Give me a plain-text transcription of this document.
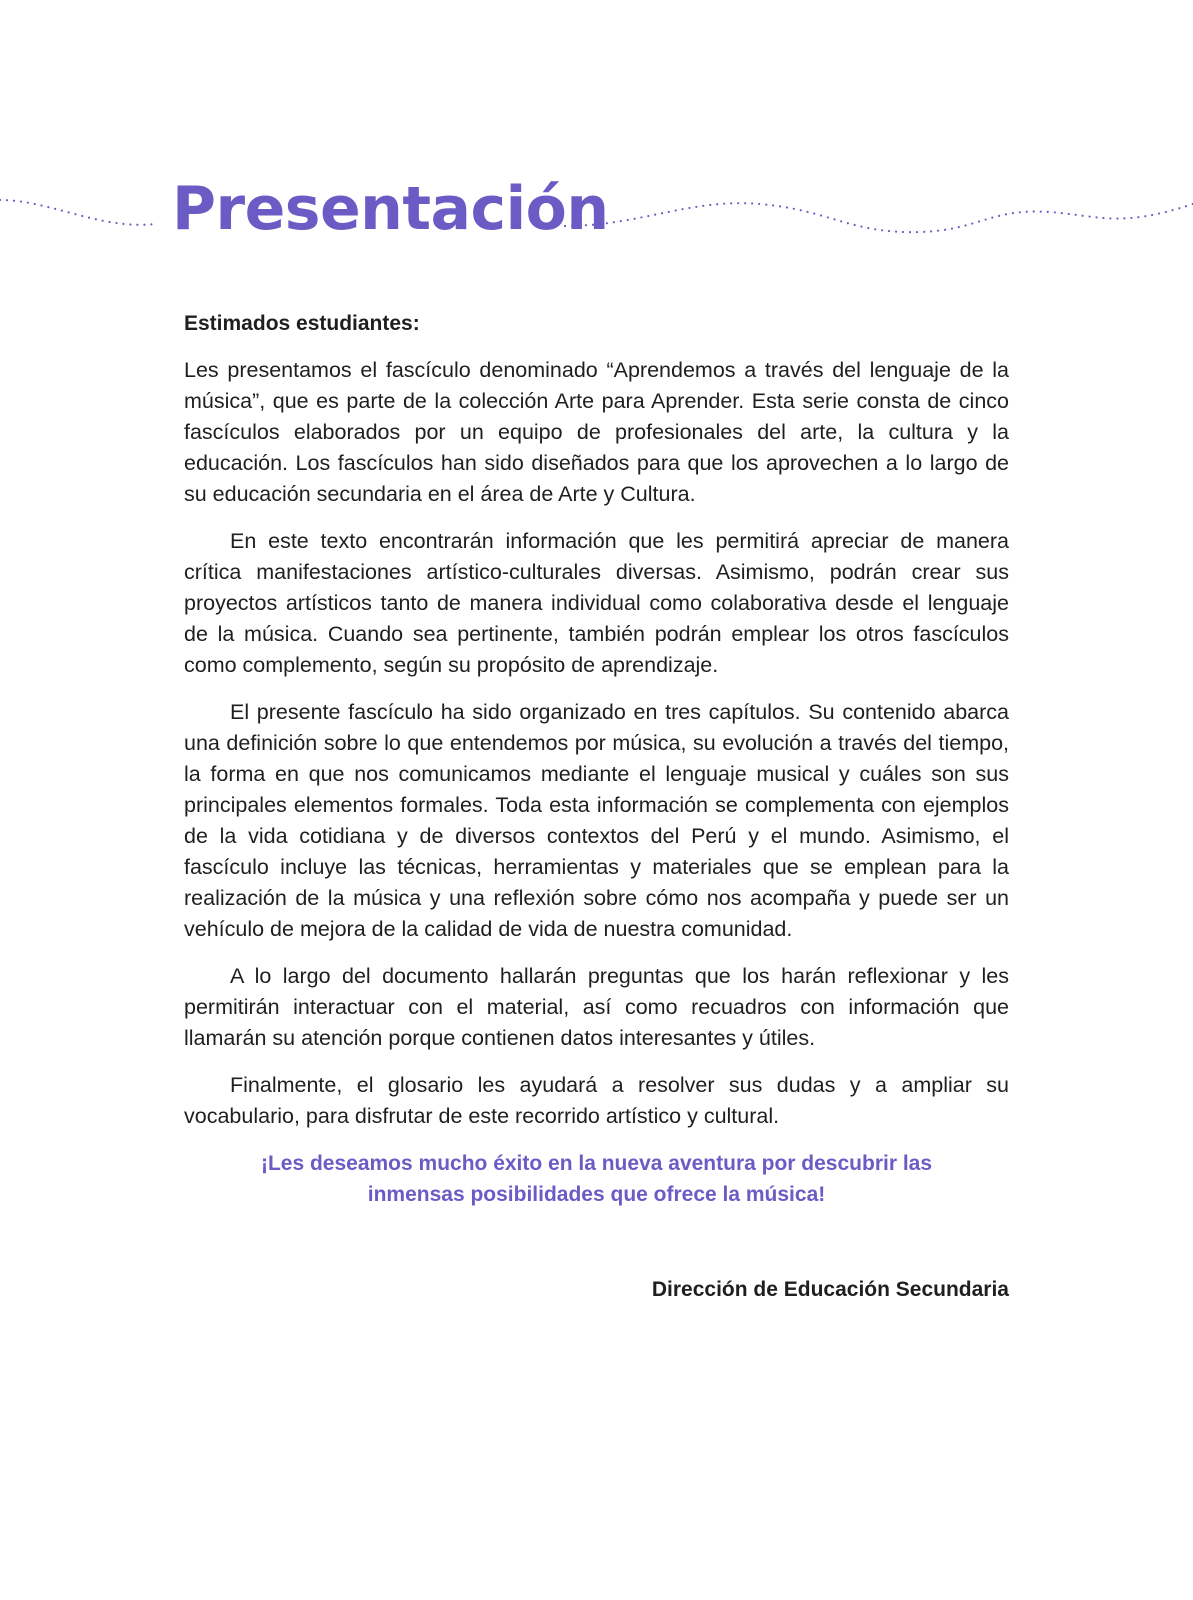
Presentación

Estimados estudiantes:

Les presentamos el fascículo denominado “Aprendemos a través del lenguaje de la música”, que es parte de la colección Arte para Aprender. Esta serie consta de cinco fascículos elaborados por un equipo de profesionales del arte, la cultura y la educación. Los fascículos han sido diseñados para que los aprovechen a lo largo de su educación secundaria en el área de Arte y Cultura.

En este texto encontrarán información que les permitirá apreciar de manera crítica manifestaciones artístico-culturales diversas. Asimismo, podrán crear sus proyectos artísticos tanto de manera individual como colaborativa desde el lenguaje de la música. Cuando sea pertinente, también podrán emplear los otros fascículos como complemento, según su propósito de aprendizaje.

El presente fascículo ha sido organizado en tres capítulos. Su contenido abarca una definición sobre lo que entendemos por música, su evolución a través del tiempo, la forma en que nos comunicamos mediante el lenguaje musical y cuáles son sus principales elementos formales. Toda esta información se complementa con ejemplos de la vida cotidiana y de diversos contextos del Perú y el mundo. Asimismo, el fascículo incluye las técnicas, herramientas y materiales que se emplean para la realización de la música y una reflexión sobre cómo nos acompaña y puede ser un vehículo de mejora de la calidad de vida de nuestra comunidad.

A lo largo del documento hallarán preguntas que los harán reflexionar y les permitirán interactuar con el material, así como recuadros con información que llamarán su atención porque contienen datos interesantes y útiles.

Finalmente, el glosario les ayudará a resolver sus dudas y a ampliar su vocabulario, para disfrutar de este recorrido artístico y cultural.

¡Les deseamos mucho éxito en la nueva aventura por descubrir las inmensas posibilidades que ofrece la música!

Dirección de Educación Secundaria
